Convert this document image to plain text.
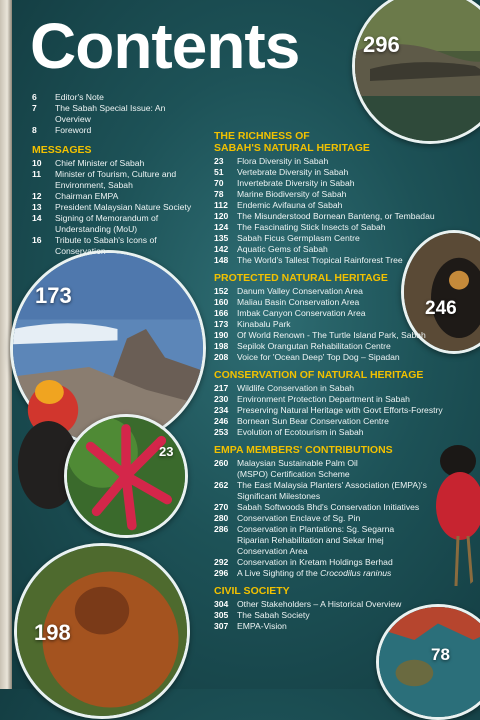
Contents	296
173
23
246
198
78
6	Editor's Note
7	The Sabah Special Issue: An Overview
8	Foreword
MESSAGES
10	Chief Minister of Sabah
11	Minister of Tourism, Culture and Environment, Sabah
12	Chairman EMPA
13	President Malaysian Nature Society
14	Signing of Memorandum of Understanding (MoU)
16	Tribute to Sabah's Icons of Conservation
THE RICHNESS OF
SABAH'S NATURAL HERITAGE
23	Flora Diversity in Sabah
51	Vertebrate Diversity in Sabah
70	Invertebrate Diversity in Sabah
78	Marine Biodiversity of Sabah
112	Endemic Avifauna of Sabah
120	The Misunderstood Bornean Banteng, or Tembadau
124	The Fascinating Stick Insects of Sabah
135	Sabah Ficus Germplasm Centre
142	Aquatic Gems of Sabah
148	The World's Tallest Tropical Rainforest Tree
PROTECTED NATURAL HERITAGE
152	Danum Valley Conservation Area
160	Maliau Basin Conservation Area
166	Imbak Canyon Conservation Area
173	Kinabalu Park
190	Of World Renown - The Turtle Island Park, Sabah
198	Sepilok Orangutan Rehabilitation Centre
208	Voice for 'Ocean Deep' Top Dog – Sipadan
CONSERVATION OF NATURAL HERITAGE
217	Wildlife Conservation in Sabah
230	Environment Protection Department in Sabah
234	Preserving Natural Heritage with Govt Efforts-Forestry
246	Bornean Sun Bear Conservation Centre
253	Evolution of Ecotourism in Sabah
EMPA MEMBERS' CONTRIBUTIONS
260	Malaysian Sustainable Palm Oil (MSPO) Certification Scheme
262	The East Malaysia Planters' Association (EMPA)'s Significant Milestones
270	Sabah Softwoods Bhd's Conservation Initiatives
280	Conservation Enclave of Sg. Pin
286	Conservation in Plantations: Sg. Segarna Riparian Rehabilitation and Sekar Imej Conservation Area
292	Conservation in Kretam Holdings Berhad
296	A Live Sighting of the Crocodilus raninus
CIVIL SOCIETY
304	Other Stakeholders – A Historical Overview
305	The Sabah Society
307	EMPA-Vision
